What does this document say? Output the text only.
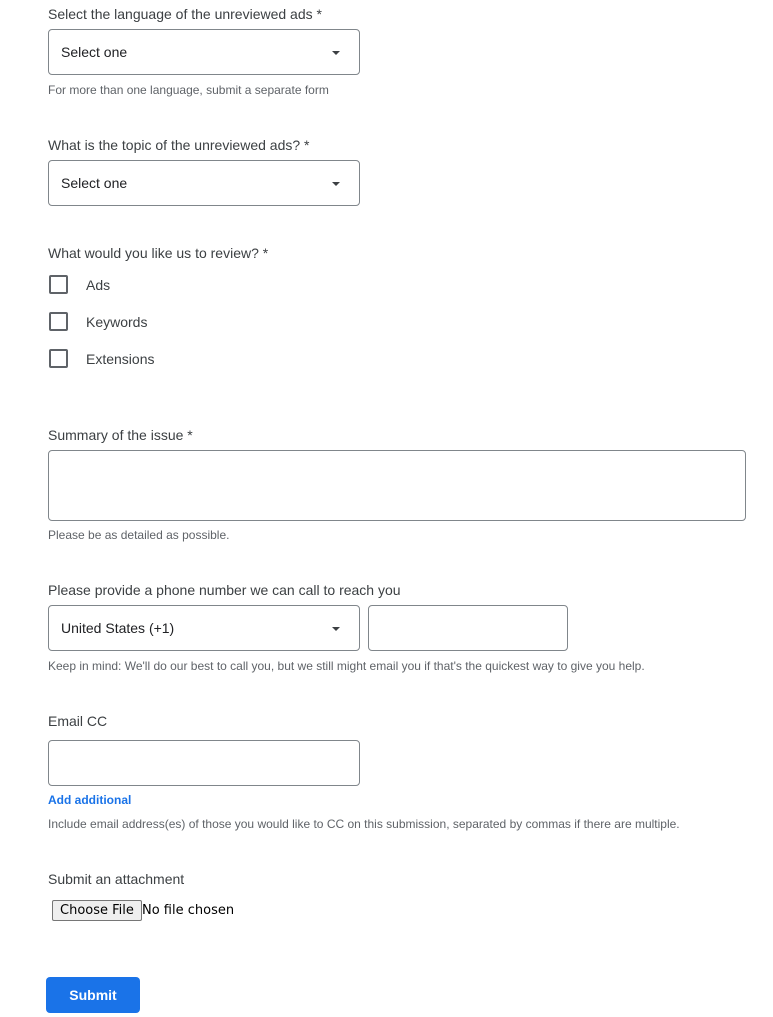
Select the language of the unreviewed ads *
Select one
For more than one language, submit a separate form
What is the topic of the unreviewed ads? *
Select one
What would you like us to review? *
Ads
Keywords
Extensions
Summary of the issue *
Please be as detailed as possible.
Please provide a phone number we can call to reach you
United States (+1)
Keep in mind: We'll do our best to call you, but we still might email you if that's the quickest way to give you help.
Email CC
Add additional
Include email address(es) of those you would like to CC on this submission, separated by commas if there are multiple.
Submit an attachment
Choose File No file chosen
Submit
